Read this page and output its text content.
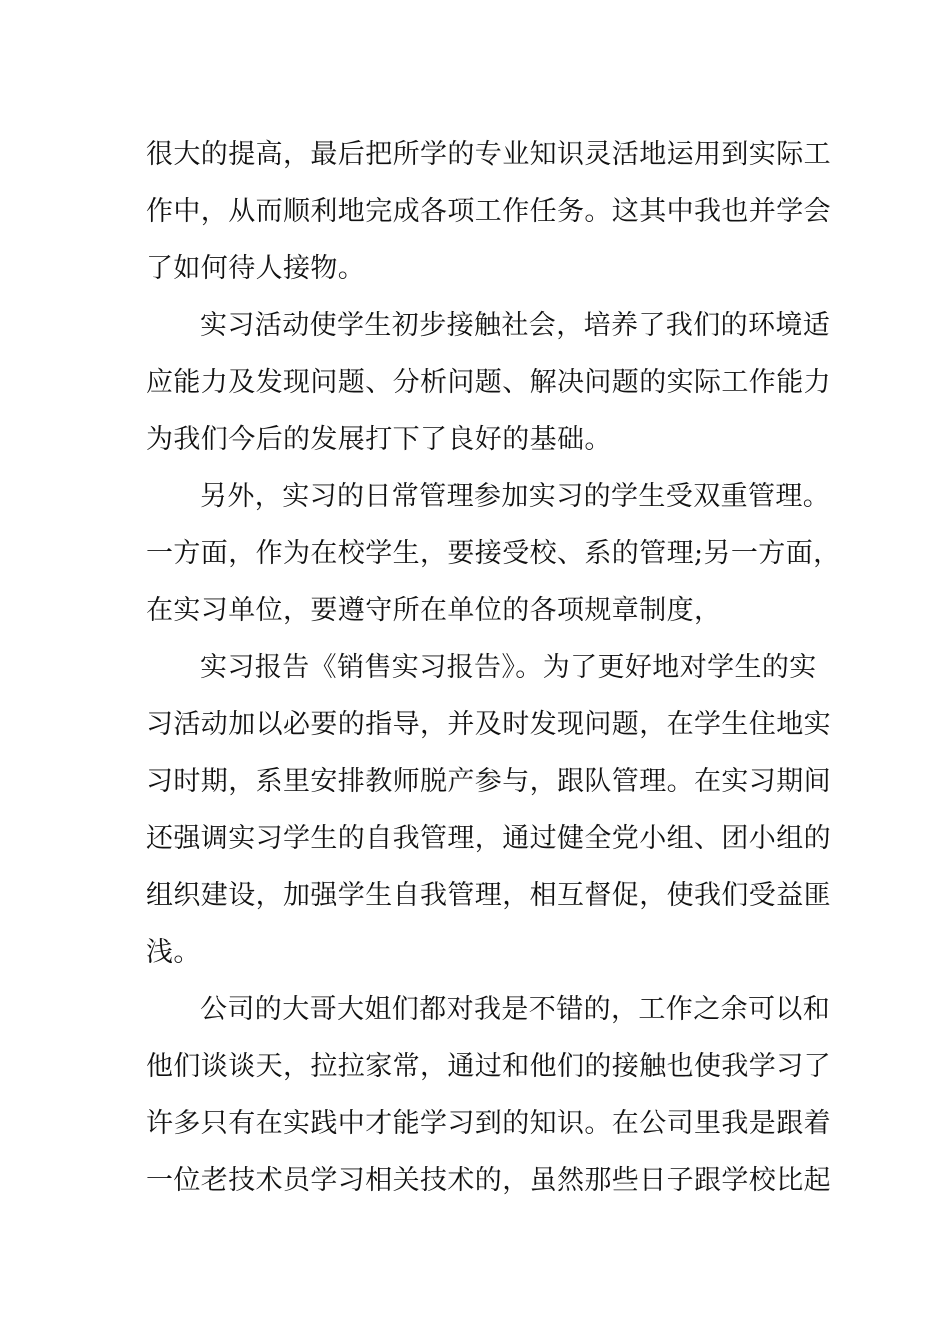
很大的提高，最后把所学的专业知识灵活地运用到实际工
作中，从而顺利地完成各项工作任务。这其中我也并学会
了如何待人接物。
实习活动使学生初步接触社会，培养了我们的环境适
应能力及发现问题、分析问题、解决问题的实际工作能力
为我们今后的发展打下了良好的基础。
另外，实习的日常管理参加实习的学生受双重管理。
一方面，作为在校学生，要接受校、系的管理;另一方面，
在实习单位，要遵守所在单位的各项规章制度，
实习报告《销售实习报告》。为了更好地对学生的实
习活动加以必要的指导，并及时发现问题，在学生住地实
习时期，系里安排教师脱产参与，跟队管理。在实习期间
还强调实习学生的自我管理，通过健全党小组、团小组的
组织建设，加强学生自我管理，相互督促，使我们受益匪
浅。
公司的大哥大姐们都对我是不错的，工作之余可以和
他们谈谈天，拉拉家常，通过和他们的接触也使我学习了
许多只有在实践中才能学习到的知识。在公司里我是跟着
一位老技术员学习相关技术的，虽然那些日子跟学校比起
